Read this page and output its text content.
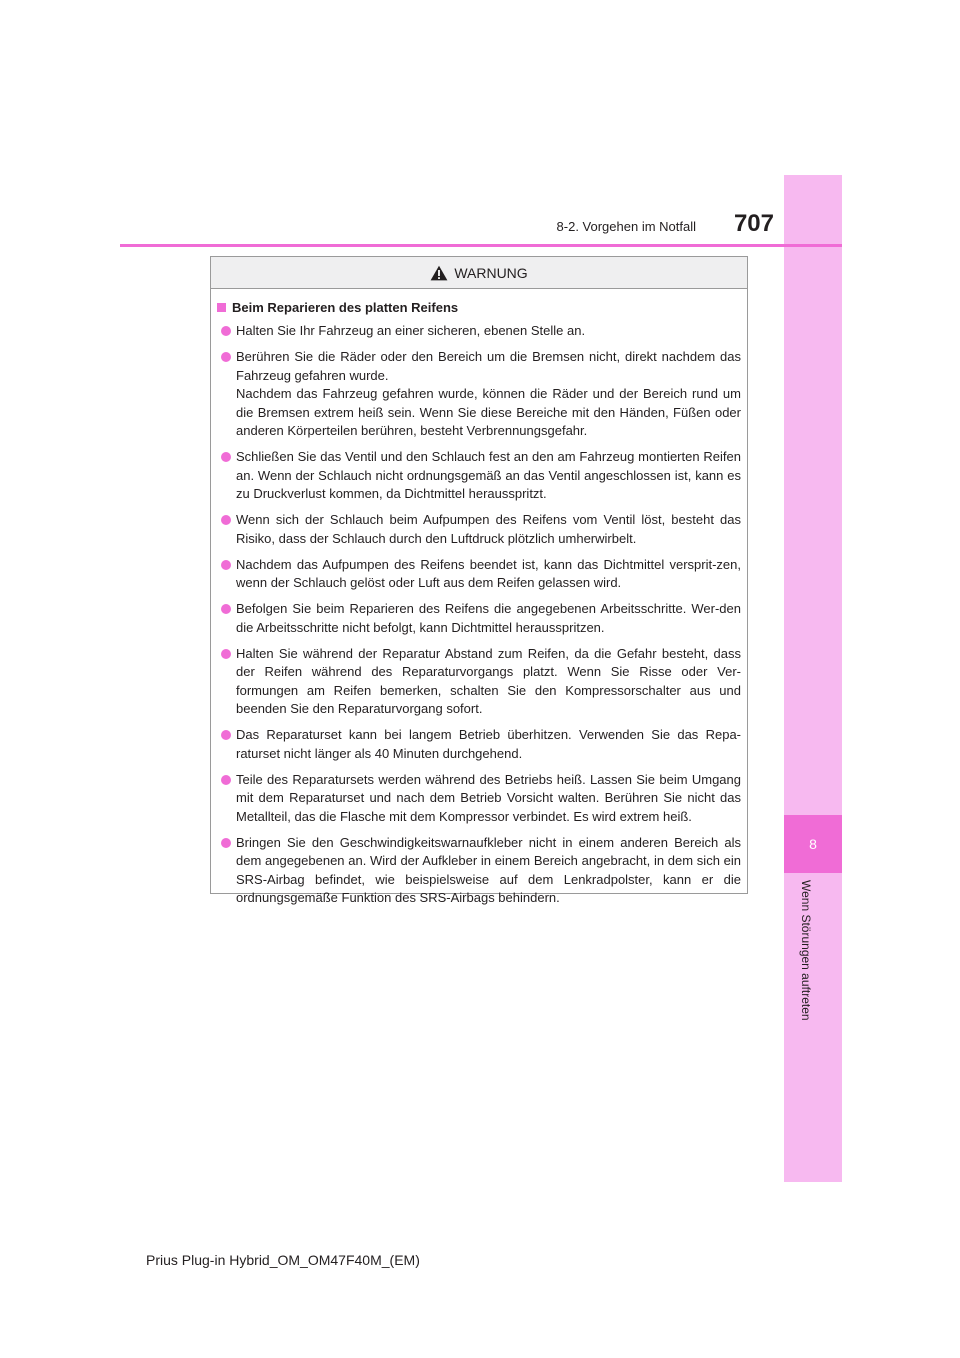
8
Wenn Störungen auftreten
8-2. Vorgehen im Notfall 707
WARNUNG
Beim Reparieren des platten Reifens
Halten Sie Ihr Fahrzeug an einer sicheren, ebenen Stelle an.
Berühren Sie die Räder oder den Bereich um die Bremsen nicht, direkt nachdem das Fahrzeug gefahren wurde.
Nachdem das Fahrzeug gefahren wurde, können die Räder und der Bereich rund um die Bremsen extrem heiß sein. Wenn Sie diese Bereiche mit den Händen, Füßen oder anderen Körperteilen berühren, besteht Verbrennungsgefahr.
Schließen Sie das Ventil und den Schlauch fest an den am Fahrzeug montierten Reifen an. Wenn der Schlauch nicht ordnungsgemäß an das Ventil angeschlossen ist, kann es zu Druckverlust kommen, da Dichtmittel herausspritzt.
Wenn sich der Schlauch beim Aufpumpen des Reifens vom Ventil löst, besteht das Risiko, dass der Schlauch durch den Luftdruck plötzlich umherwirbelt.
Nachdem das Aufpumpen des Reifens beendet ist, kann das Dichtmittel versprit-zen, wenn der Schlauch gelöst oder Luft aus dem Reifen gelassen wird.
Befolgen Sie beim Reparieren des Reifens die angegebenen Arbeitsschritte. Wer-den die Arbeitsschritte nicht befolgt, kann Dichtmittel herausspritzen.
Halten Sie während der Reparatur Abstand zum Reifen, da die Gefahr besteht, dass der Reifen während des Reparaturvorgangs platzt. Wenn Sie Risse oder Ver-formungen am Reifen bemerken, schalten Sie den Kompressorschalter aus und beenden Sie den Reparaturvorgang sofort.
Das Reparaturset kann bei langem Betrieb überhitzen. Verwenden Sie das Repa-raturset nicht länger als 40 Minuten durchgehend.
Teile des Reparatursets werden während des Betriebs heiß. Lassen Sie beim Umgang mit dem Reparaturset und nach dem Betrieb Vorsicht walten. Berühren Sie nicht das Metallteil, das die Flasche mit dem Kompressor verbindet. Es wird extrem heiß.
Bringen Sie den Geschwindigkeitswarnaufkleber nicht in einem anderen Bereich als dem angegebenen an. Wird der Aufkleber in einem Bereich angebracht, in dem sich ein SRS-Airbag befindet, wie beispielsweise auf dem Lenkradpolster, kann er die ordnungsgemäße Funktion des SRS-Airbags behindern.
Prius Plug-in Hybrid_OM_OM47F40M_(EM)
